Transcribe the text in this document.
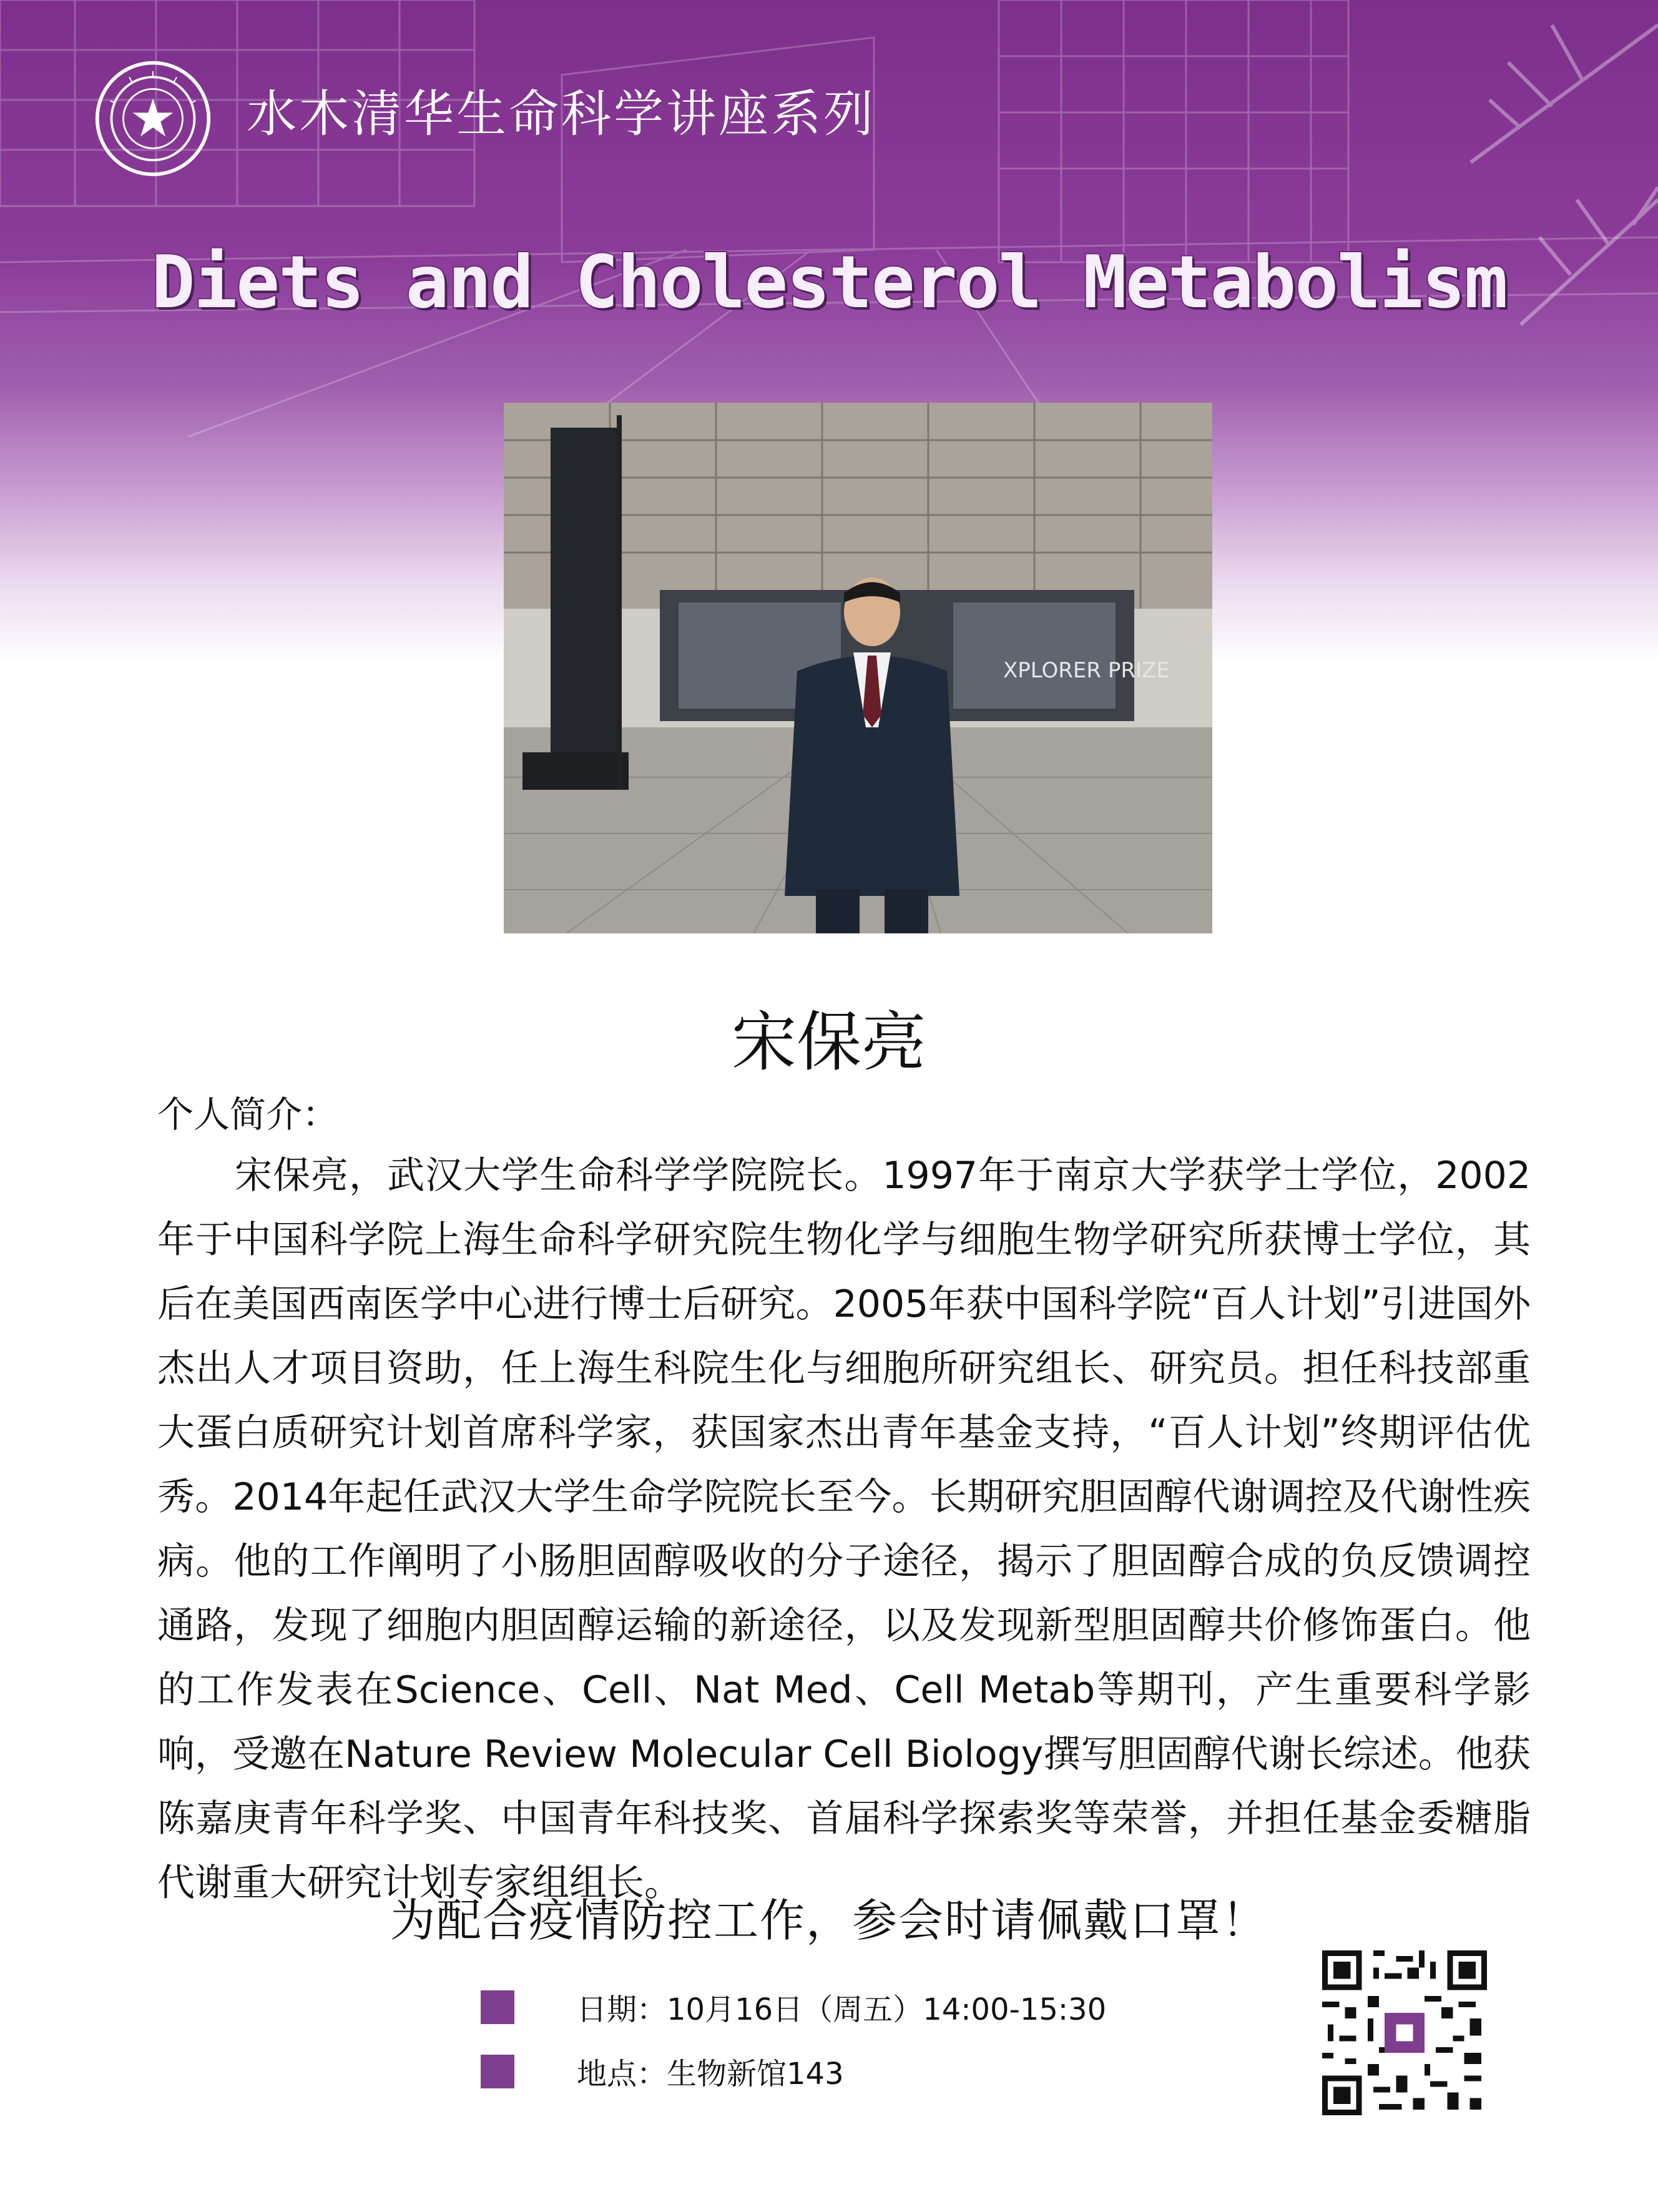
水木清华生命科学讲座系列
Diets and Cholesterol Metabolism
XPLORER PRIZE
宋保亮
个人简介：

宋保亮，武汉大学生命科学学院院长。1997年于南京大学获学士学位，2002年于中国科学院上海生命科学研究院生物化学与细胞生物学研究所获博士学位，其后在美国西南医学中心进行博士后研究。2005年获中国科学院“百人计划”引进国外杰出人才项目资助，任上海生科院生化与细胞所研究组长、研究员。担任科技部重大蛋白质研究计划首席科学家，获国家杰出青年基金支持，“百人计划”终期评估优秀。2014年起任武汉大学生命学院院长至今。长期研究胆固醇代谢调控及代谢性疾病。他的工作阐明了小肠胆固醇吸收的分子途径，揭示了胆固醇合成的负反馈调控通路，发现了细胞内胆固醇运输的新途径，以及发现新型胆固醇共价修饰蛋白。他的工作发表在Science、Cell、Nat Med、Cell Metab等期刊，产生重要科学影响，受邀在Nature Review Molecular Cell Biology撰写胆固醇代谢长综述。他获陈嘉庚青年科学奖、中国青年科技奖、首届科学探索奖等荣誉，并担任基金委糖脂代谢重大研究计划专家组组长。

为配合疫情防控工作，参会时请佩戴口罩！
日期：10月16日（周五）14:00-15:30
地点：生物新馆143
